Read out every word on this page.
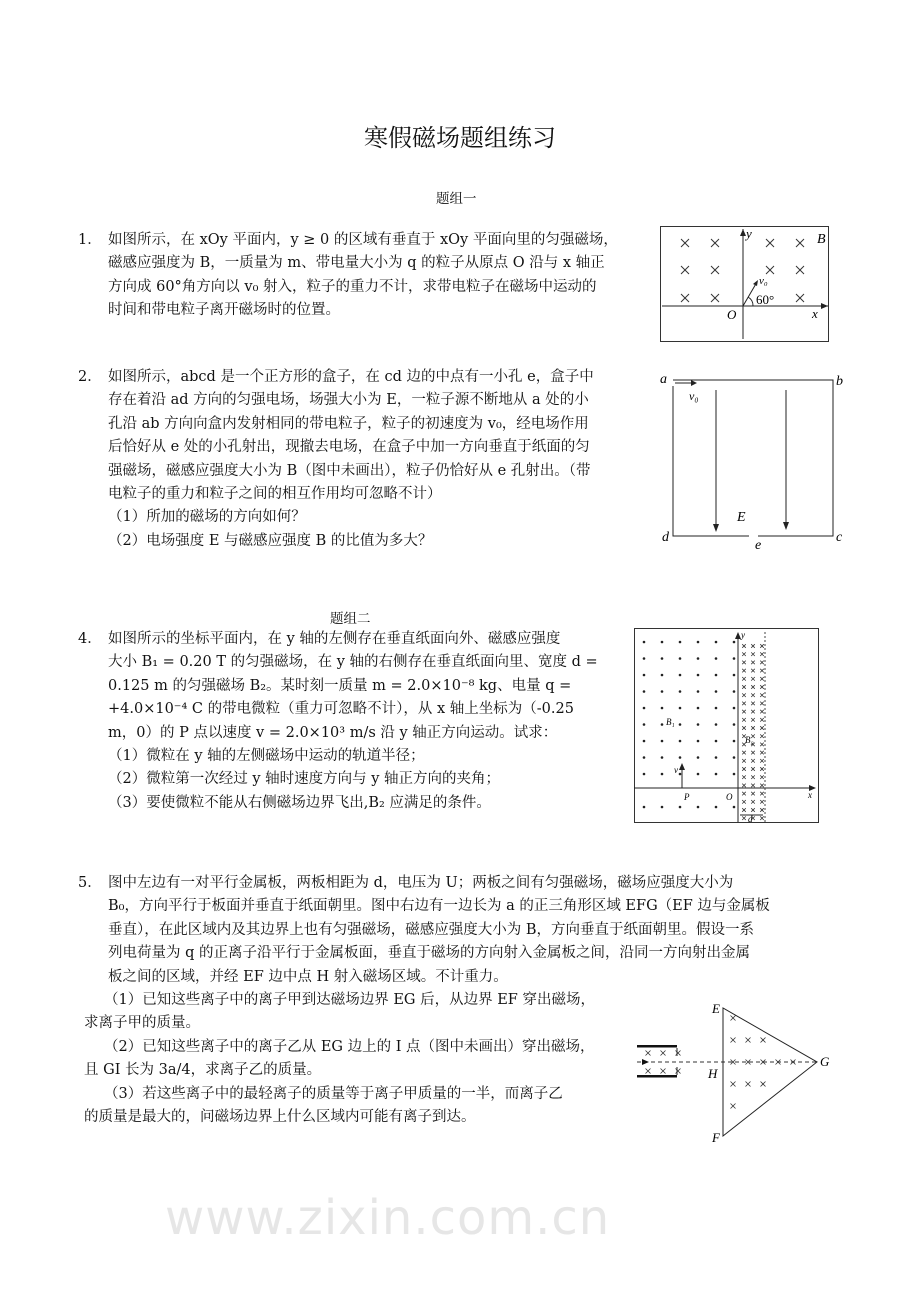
www.zixin.com.cn
寒假磁场题组练习
题组一
1． 如图所示，在 xOy 平面内，y ≥ 0 的区域有垂直于 xOy 平面向里的匀强磁场，
磁感应强度为 B，一质量为 m、带电量大小为 q 的粒子从原点 O 沿与 x 轴正
方向成 60°角方向以 v₀ 射入，粒子的重力不计，求带电粒子在磁场中运动的
时间和带电粒子离开磁场时的位置。
y
x
O
B
v₀
60°
2． 如图所示，abcd 是一个正方形的盒子，在 cd 边的中点有一小孔 e，盒子中
存在着沿 ad 方向的匀强电场，场强大小为 E，一粒子源不断地从 a 处的小
孔沿 ab 方向向盒内发射相同的带电粒子，粒子的初速度为 v₀，经电场作用
后恰好从 e 处的小孔射出，现撤去电场，在盒子中加一方向垂直于纸面的匀
强磁场，磁感应强度大小为 B（图中未画出），粒子仍恰好从 e 孔射出。（带
电粒子的重力和粒子之间的相互作用均可忽略不计）
（1）所加的磁场的方向如何？
（2）电场强度 E 与磁感应强度 B 的比值为多大？
a	b
c
d
e
E
v₀
题组二
4． 如图所示的坐标平面内，在 y 轴的左侧存在垂直纸面向外、磁感应强度
大小 B₁ = 0.20 T 的匀强磁场，在 y 轴的右侧存在垂直纸面向里、宽度 d =
0.125 m 的匀强磁场 B₂。某时刻一质量 m = 2.0×10⁻⁸ kg、电量 q =
+4.0×10⁻⁴ C 的带电微粒（重力可忽略不计），从 x 轴上坐标为（-0.25
m，0）的 P 点以速度 v = 2.0×10³ m/s 沿 y 轴正方向运动。试求：
（1）微粒在 y 轴的左侧磁场中运动的轨道半径；
（2）微粒第一次经过 y 轴时速度方向与 y 轴正方向的夹角；
（3）要使微粒不能从右侧磁场边界飞出,B₂ 应满足的条件。
y
x
O
P
v
B₁
B₂
d
5． 图中左边有一对平行金属板，两板相距为 d，电压为 U；两板之间有匀强磁场，磁场应强度大小为
B₀，方向平行于板面并垂直于纸面朝里。图中右边有一边长为 a 的正三角形区域 EFG（EF 边与金属板
垂直），在此区域内及其边界上也有匀强磁场，磁感应强度大小为 B，方向垂直于纸面朝里。假设一系
列电荷量为 q 的正离子沿平行于金属板面，垂直于磁场的方向射入金属板之间，沿同一方向射出金属
板之间的区域，并经 EF 边中点 H 射入磁场区域。不计重力。
（1）已知这些离子中的离子甲到达磁场边界 EG 后，从边界 EF 穿出磁场，
求离子甲的质量。
（2）已知这些离子中的离子乙从 EG 边上的 I 点（图中未画出）穿出磁场，
且 GI 长为 3a/4，求离子乙的质量。
（3）若这些离子中的最轻离子的质量等于离子甲质量的一半，而离子乙
的质量是最大的，问磁场边界上什么区域内可能有离子到达。
E
F
G
H
